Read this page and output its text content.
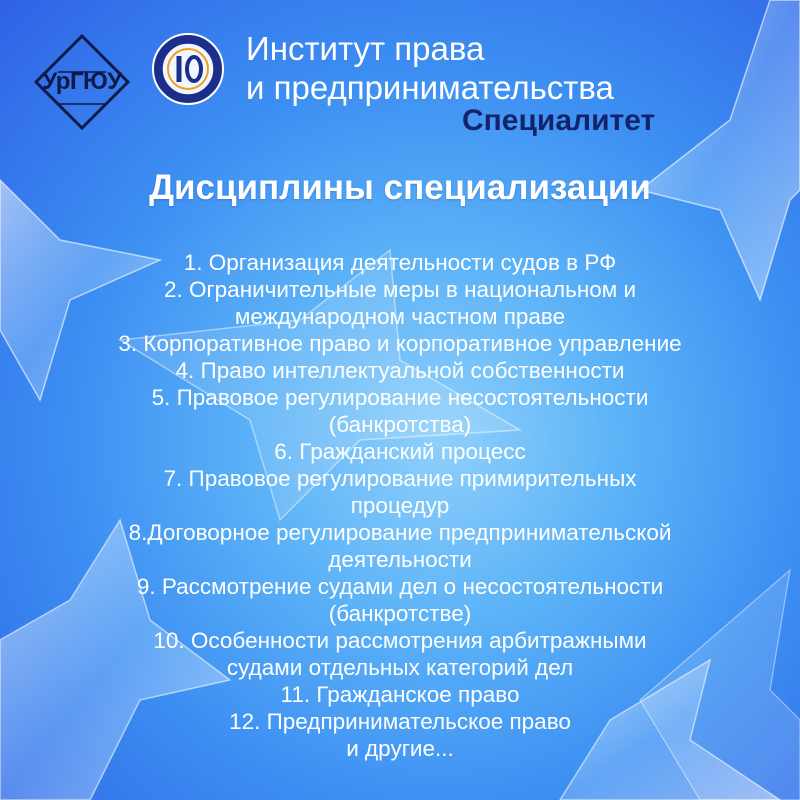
УрГЮУ
Институт права
и предпринимательства
Специалитет
Дисциплины специализации
1. Организация деятельности судов в РФ
2. Ограничительные меры в национальном и
международном частном праве
3. Корпоративное право и корпоративное управление
4. Право интеллектуальной собственности
5. Правовое регулирование несостоятельности
(банкротства)
6. Гражданский процесс
7. Правовое регулирование примирительных
процедур
8.Договорное регулирование предпринимательской
деятельности
9. Рассмотрение судами дел о несостоятельности
(банкротстве)
10. Особенности рассмотрения арбитражными
судами отдельных категорий дел
11. Гражданское право
12. Предпринимательское право
и другие...
